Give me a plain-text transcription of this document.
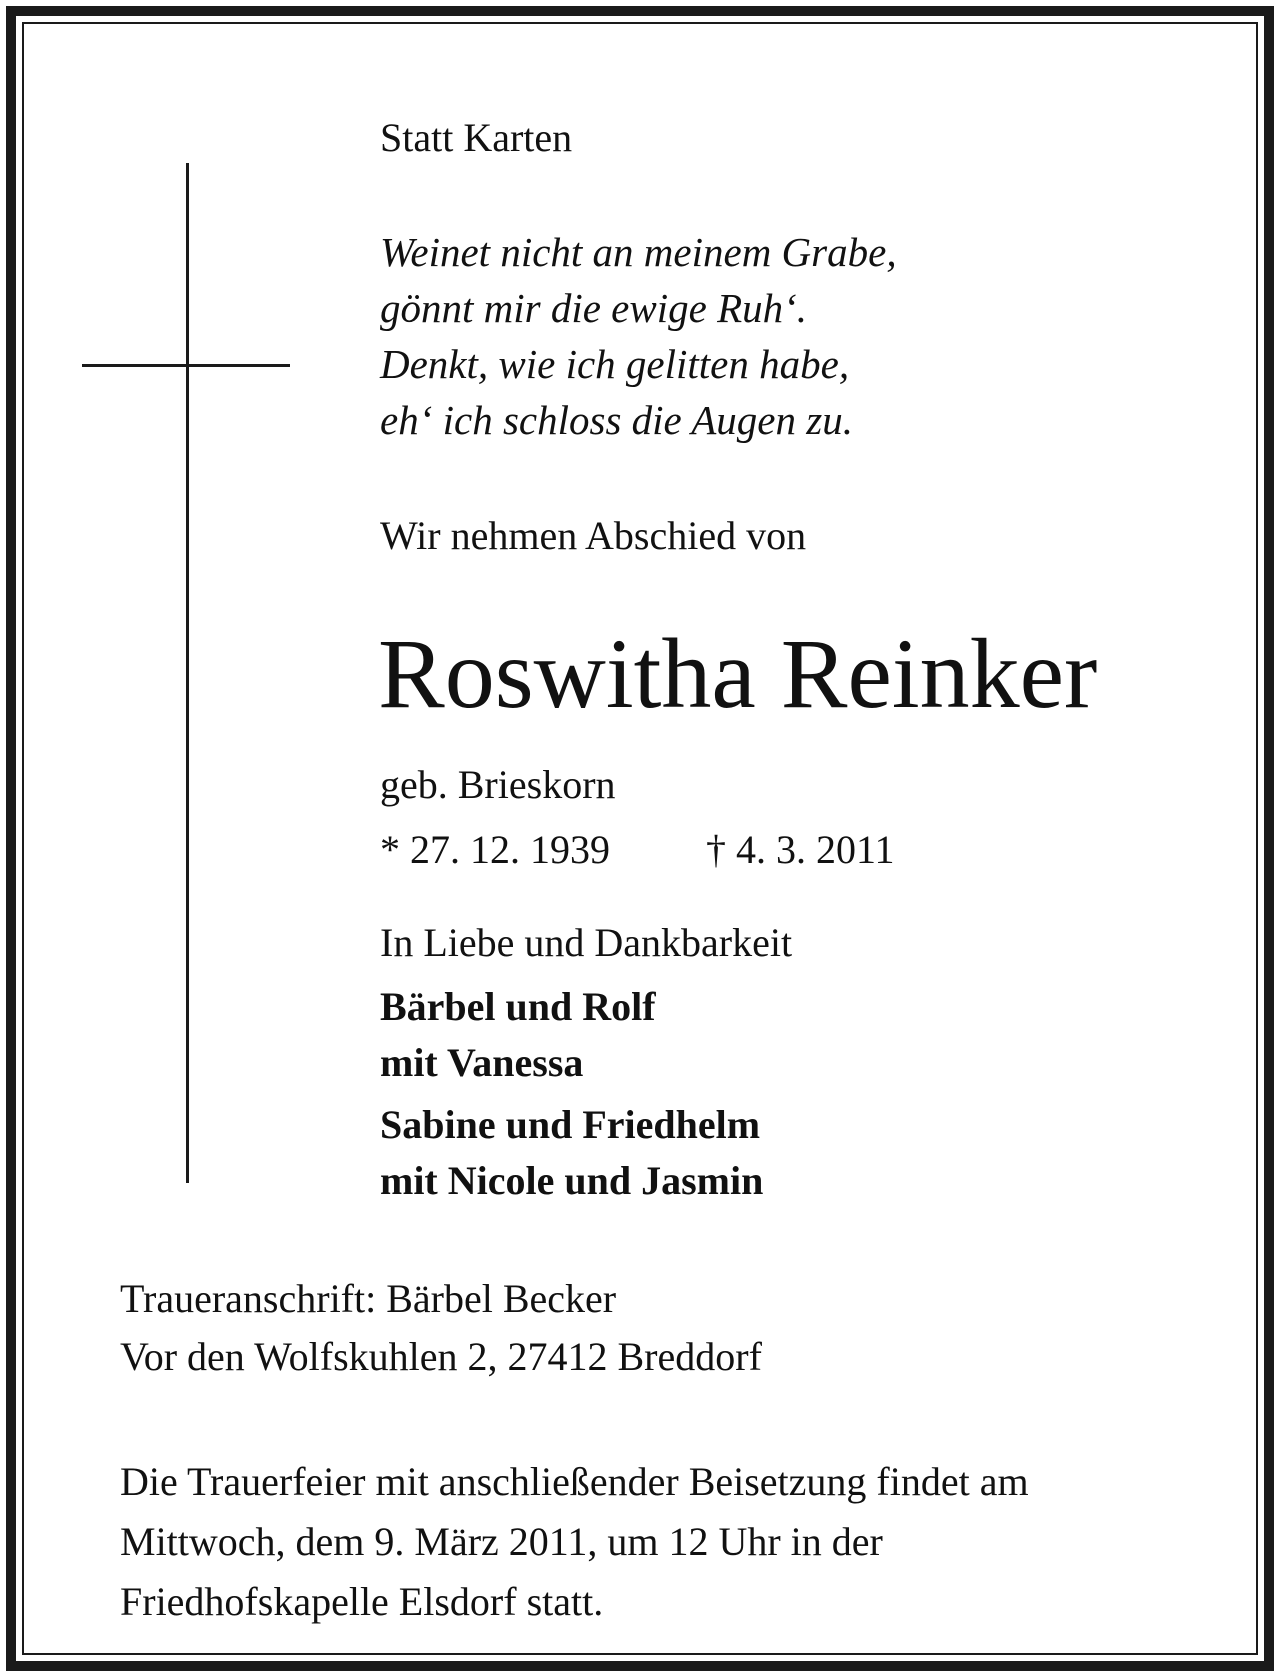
Statt Karten

Weinet nicht an meinem Grabe,
gönnt mir die ewige Ruh‘.
Denkt, wie ich gelitten habe,
eh‘ ich schloss die Augen zu.

Wir nehmen Abschied von

Roswitha Reinker

geb. Brieskorn

* 27. 12. 1939 † 4. 3. 2011

In Liebe und Dankbarkeit

Bärbel und Rolf
mit Vanessa
Sabine und Friedhelm
mit Nicole und Jasmin
Traueranschrift: Bärbel Becker
Vor den Wolfskuhlen 2, 27412 Breddorf
Die Trauerfeier mit anschließender Beisetzung findet am
Mittwoch, dem 9. März 2011, um 12 Uhr in der
Friedhofskapelle Elsdorf statt.
